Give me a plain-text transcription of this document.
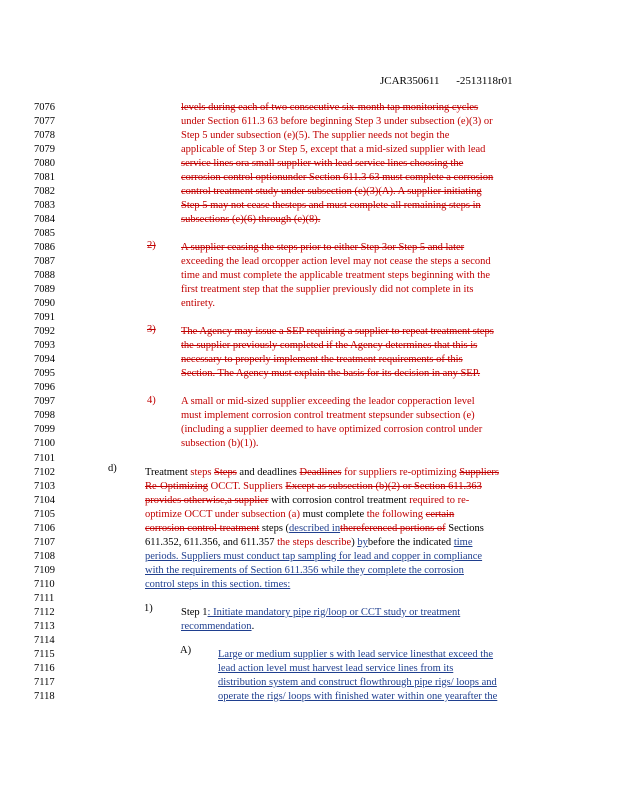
JCAR350611 -2513118r01
7076
7077
7078
7079
7080
7081
7082
7083
7084
7085
7086
7087
7088
7089
7090
7091
7092
7093
7094
7095
7096
7097
7098
7099
7100
7101
7102
7103
7104
7105
7106
7107
7108
7109
7110
7111
7112
7113
7114
7115
7116
7117
7118
2)
3)
4)
d)
1)
A)
levels during each of two consecutive six-month tap monitoring cycles
under Section 611.3 63 before beginning Step 3 under subsection (e)(3) or
Step 5 under subsection (e)(5). The supplier needs not begin the
applicable of Step 3 or Step 5, except that a mid-sized supplier with lead
service lines ora small supplier with lead service lines choosing the
corrosion control optionunder Section 611.3 63 must complete a corrosion
control treatment study under subsection (e)(3)(A). A supplier initiating
Step 5 may not cease thesteps and must complete all remaining steps in
subsections (e)(6) through (e)(8).
A supplier ceasing the steps prior to either Step 3or Step 5 and later
exceeding the lead orcopper action level may not cease the steps a second
time and must complete the applicable treatment steps beginning with the
first treatment step that the supplier previously did not complete in its
entirety.
The Agency may issue a SEP requiring a supplier to repeat treatment steps
the supplier previously completed if the Agency determines that this is
necessary to properly implement the treatment requirements of this
Section. The Agency must explain the basis for its decision in any SEP.
A small or mid-sized supplier exceeding the leador copperaction level
must implement corrosion control treatment stepsunder subsection (e)
(including a supplier deemed to have optimized corrosion control under
subsection (b)(1)).
Treatment steps Steps and deadlines Deadlines for suppliers re-optimizing Suppliers
Re-Optimizing OCCT. Suppliers Except as subsection (b)(2) or Section 611.363
provides otherwise,a supplier with corrosion control treatment required to re-
optimize OCCT under subsection (a) must complete the following certain
corrosion control treatment steps (described inthereferenced portions of Sections
611.352, 611.356, and 611.357 the steps describe) bybefore the indicated time
periods. Suppliers must conduct tap sampling for lead and copper in compliance
with the requirements of Section 611.356 while they complete the corrosion
control steps in this section. times:
Step 1: Initiate mandatory pipe rig/loop or CCT study or treatment
recommendation.
Large or medium supplier s with lead service linesthat exceed the
lead action level must harvest lead service lines from its
distribution system and construct flowthrough pipe rigs/ loops and
operate the rigs/ loops with finished water within one yearafter the
